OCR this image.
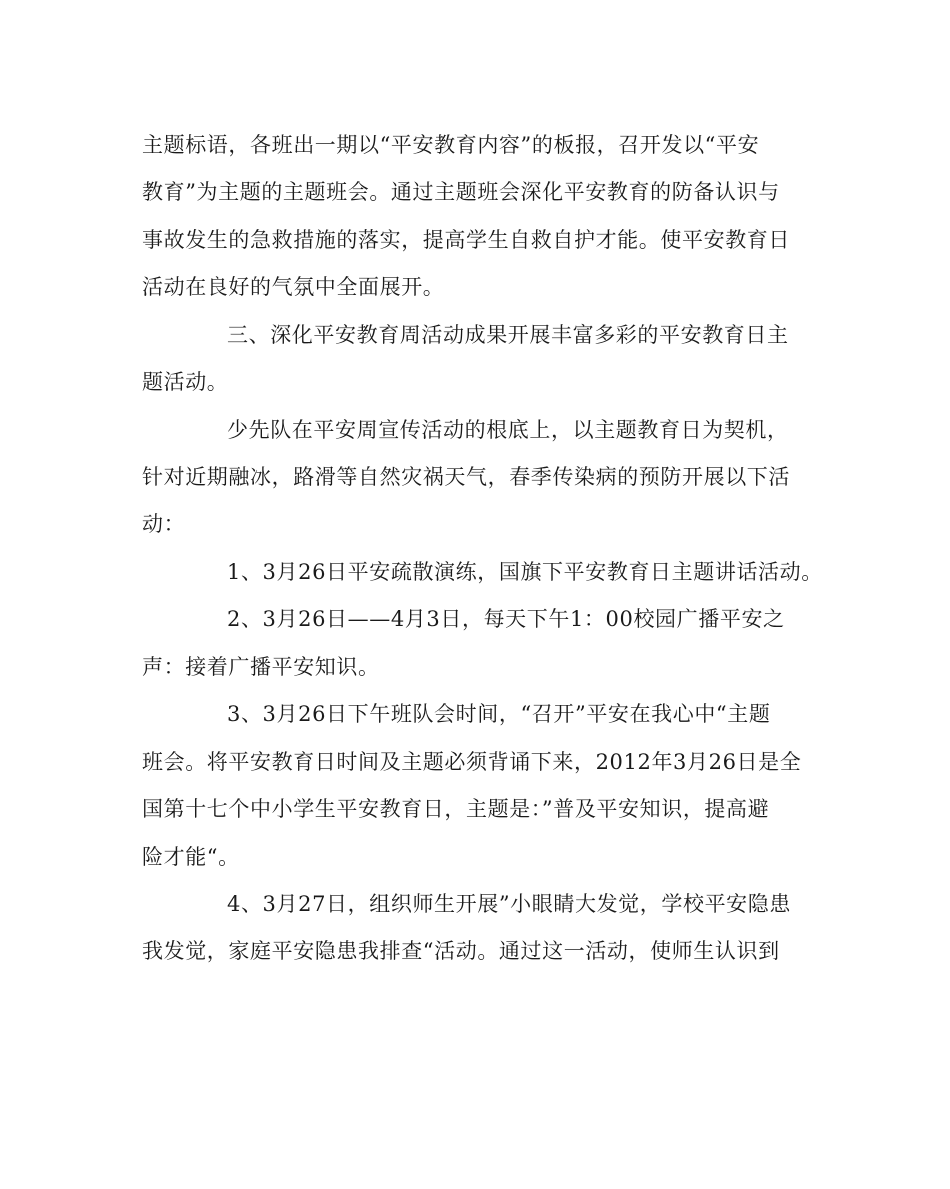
主题标语，各班出一期以“平安教育内容”的板报，召开发以“平安
教育”为主题的主题班会。通过主题班会深化平安教育的防备认识与
事故发生的急救措施的落实，提高学生自救自护才能。使平安教育日
活动在良好的气氛中全面展开。
三、深化平安教育周活动成果开展丰富多彩的平安教育日主
题活动。
少先队在平安周宣传活动的根底上，以主题教育日为契机，
针对近期融冰，路滑等自然灾祸天气，春季传染病的预防开展以下活
动：
1、3月26日平安疏散演练，国旗下平安教育日主题讲话活动。
2、3月26日——4月3日，每天下午1：00校园广播平安之
声：接着广播平安知识。
3、3月26日下午班队会时间，“召开”平安在我心中“主题
班会。将平安教育日时间及主题必须背诵下来，2012年3月26日是全
国第十七个中小学生平安教育日，主题是：”普及平安知识，提高避
险才能“。
4、3月27日，组织师生开展”小眼睛大发觉，学校平安隐患
我发觉，家庭平安隐患我排查“活动。通过这一活动，使师生认识到
